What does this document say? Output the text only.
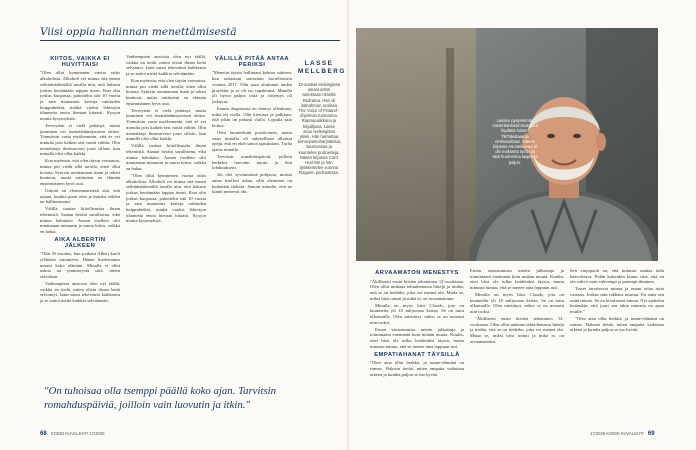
Viisi oppia hallinnan menettämisestä
LASSE
MELLBERG
43-vuotias Helsingissä asuva artisti tunnetaan nimellä Redrama. Hän oli isähahmon roolissa The Voice of Finland -ohjelman tuomarina. Rapmuusikkona ja kirjailijana. Lasse asuu Helsingissä yksin. Hän harrastaa kehonpainoharjoittelua, saunomista ja kuuntelee podcasteja. Hänen kirjansa Can't Hurt Me ja hän työskentelee vuonna Roganin podcastissa.
KIITOS, VAIKKA EI HUVITTAISI

"Olen ollut kymmenen vuotta raitis alkoholista. Alkoholi vei minua sitä ennen selittämättömällä tavalla niin, että halusin joskus heräämään tappaa itseni. Kun olin joskus kuopassa, pahoitelin sitä 10 vuotta ja sain muutamia kertoja raittiuden huippuhetkiä, minkä vuoksi lähestyin tilannetta ensin hieman hitaasti. Kysyin monia kysymyksiä.

Terveyteni ei vielä pettänyt, mutta juominen vei itsemäärääntymisen ohitse. Ymmärsin vasta myöhemmin, että se vei minulta pois kaiken sen, mistä välitin. Olin menettänyt ihmisarvoni juuri silloin, kun minulla olisi ollut kaikki.

Kun myönsin, että olen täysin voimaton, minua piti viedä sillä tavalla, etten ollut kotona. Syntyin asentamaan itseni ja taloni kuntoon, mutta raittiuteni on elämän ensimmäinen hyvä asia.

Uskoni on elementaarisesti sitä, että tajuan, kuinka pieni olen ja kuinka väliäin on hallinnassani.

Välillä saattaa kiitollisuutta ilman tekemistä. Saatan herätä surullisena, eikä minua haluttaisi. Annan itselleni silti muutaman minuutin ja sanon kiitos, vaikka en halua.

AIKA ALBERTIN JÄLKEEN

"Olin 35-vuotias, kun poikani Albert kuoli yllättäen sairauteen. Hänen kuolemansa muutti koko elämäni. Minulla ei ollut uskoa tai ymmärrystä siitä, miten selviäisin.

Vanhempieni ansiosta olen nyt täällä, vaikka en tiedä, miten olisin ilman heitä selvinnyt. Isäni sanoi tekevänsä kaikkensa ja se auttoi meitä kaikkia selviämään.

Vanhempieni ansiosta olen nyt täällä, vaikka en tiedä, miten olisin ilman heitä selvinnyt. Isäni sanoi tekevänsä kaikkensa ja se auttoi meitä kaikkia selviämään.

Kun myönsin, että olen täysin voimaton, minua piti viedä sillä tavalla, etten ollut kotona. Syntyin asentamaan itseni ja taloni kuntoon, mutta raittiuteni on elämän ensimmäinen hyvä asia.

Terveyteni ei vielä pettänyt, mutta juominen vei itsemäärääntymisen ohitse. Ymmärsin vasta myöhemmin, että se vei minulta pois kaiken sen, mistä välitin. Olin menettänyt ihmisarvoni juuri silloin, kun minulla olisi ollut kaikki.

Välillä saattaa kiitollisuutta ilman tekemistä. Saatan herätä surullisena, eikä minua haluttaisi. Annan itselleni silti muutaman minuutin ja sanon kiitos, vaikka en halua.

"Olen ollut kymmenen vuotta raitis alkoholista. Alkoholi vei minua sitä ennen selittämättömällä tavalla niin, että halusin joskus heräämään tappaa itseni. Kun olin joskus kuopassa, pahoitelin sitä 10 vuotta ja sain muutamia kertoja raittiuden huippuhetkiä, minkä vuoksi lähestyin tilannetta ensin hieman hitaasti. Kysyin monia kysymyksiä.

VÄLILLÄ PITÄÄ ANTAA PERIKSI

"Menetin täysin hallintani kehoni suhteen, kun sairastuin sairastuin borrelioosiin vuonna 2017. Olin juuri aloittanut uuden projektin ja se oli iso tapahtuma. Minulla oli hyvin paljon töitä ja väsymys oli jatkuvaa.

Ennen diagnoosia en tiennyt ollenkaan, mikä oli vialla. Olin kivuissa ja pelkäsin, että jokin on pahasti vialla. Lopulta sain hoitoa.

Olen luonteeltani positiivinen, mutta vaan minulla oli suhteellisen alhaisia opeja, että en ehdi sanoa ajatuksiani. Turha ajatus minulle.

Tarvitsin romahduspäivät, joilloin hetkeksi luovutin täysin ja löin lohdutukseni.

Jos olet syvimmässä pohjassa, muista antaa itsellesi aikaa, sillä oleminen on kuitenkin tärkeää. Sanoin minulle, että ne tunnit menevät ohi.

"On tuhoisaa olla tsemppi päällä koko ajan. Tarvitsin romahduspäiviä, joilloin vain luovutin ja itkin."
68 KODIN KUVALEHTI 17/2025
Lassen pysyvimmät mielenkiintoisimmat jutut löydätte hänen TikTokistaan ja nettisivuiltaan. Hänen kirjansa Asuntolainaa ei ole maksettu luettu ja siitä huomenna laajempi paljon.
ARVAAMATON MENESTYS

"Äkillisesti ensin biisien tekeminen 12-vuotiaana. Olen ollut mukana tehtailemassa hittejä ja tiedän, että se on tiedätko, joka voi mennä ohi. Mutta se, miksi biisi toimii ja mikä ei, on arvaamatonta.

Minulla on myös biisi Clouds, jota on kuunneltu yli 10 miljoonaa kertaa. Se on tuttu ulkomaille. Olen miettinyt, miksi se on noussut niin isoksi.

Ensen sairastumista mietin julkaisuja ja toimintaani enemmän kuin mitään muuta. Kuulin, ettei biisi ole tullut hoidetuksi täysin, mutta minusta tuntuu, että se menee aina loppuun asti.

EMPATIAHANAT TÄYSILLÄ

"Olen aina ollut herkkä, ja tunne-elämäni on runsas. Halusin tietää, miten empatia vaikuttaa arkeen ja kuinka paljon se tuo hyvää.

Ensen sairastumista mietin julkaisuja ja toimintaani enemmän kuin mitään muuta. Kuulin, ettei biisi ole tullut hoidetuksi täysin, mutta minusta tuntuu, että se menee aina loppuun asti.

Minulla on myös biisi Clouds, jota on kuunneltu yli 10 miljoonaa kertaa. Se on tuttu ulkomaille. Olen miettinyt, miksi se on noussut niin isoksi.

"Äkillisesti ensin biisien tekeminen 12-vuotiaana. Olen ollut mukana tehtailemassa hittejä ja tiedän, että se on tiedätko, joka voi mennä ohi. Mutta se, miksi biisi toimii ja mikä ei, on arvaamatonta.

Sen varjopuoli on, että minusta saattaa tulla haavoittuva. Pidän kuitenkin kiinni siitä, että en ole vahva vaan vahvempi ja parempi ihminen.

Toiset tarvitsevat minua ja osaan ottaa asiat vastaan. Joskus niin rakkaus murtuu. En anna sen estää minua. Se on kivuliaasti minua. Nyt ajattelen kuitenkin, että juuri sen takia minusta on apua muille."

"Olen aina ollut herkkä, ja tunne-elämäni on runsas. Halusin tietää, miten empatia vaikuttaa arkeen ja kuinka paljon se tuo hyvää.

17/2025 KODIN KUVALEHTI 69
